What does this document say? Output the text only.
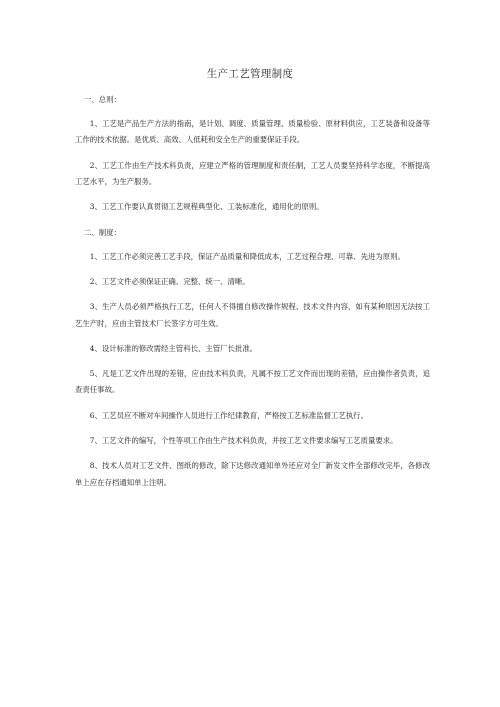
生产工艺管理制度
一、总则：

1、工艺是产品生产方法的指南，是计划、调度、质量管理、质量检验、原材料供应，工艺装备和设备等工作的技术依据。是优质、高效、人低耗和安全生产的重要保证手段。

2、工艺工作由生产技术科负责，应建立严格的管理制度和责任制，工艺人员要坚持科学态度，不断提高工艺水平，为生产服务。

3、工艺工作要认真贯彻工艺规程典型化、工装标准化，通用化的原则。

二、制度：

1、工艺工作必须完善工艺手段，保证产品质量和降低成本，工艺过程合理、可靠、先进为原则。

2、工艺文件必须保证正确、完整、统一、清晰。

3、生产人员必须严格执行工艺，任何人不得擅自修改操作规程、技术文件内容，如有某种原因无法按工艺生产时，应由主管技术厂长签字方可生效。

4、设计标准的修改需经主管科长、主管厂长批准。

5、凡是工艺文件出现的差错，应由技术科负责，凡属不按工艺文件而出现的差错，应由操作者负责，追查责任事故。

6、工艺员应不断对车间操作人员进行工作纪律教育，严格按工艺标准监督工艺执行。

7、工艺文件的编写，个性等项工作由生产技术科负责，并按工艺文件要求编写工艺质量要求。

8、技术人员对工艺文件、图纸的修改，除下达修改通知单外还应对全厂新发文件全部修改完毕，各修改单上应在存档通知单上注明。
